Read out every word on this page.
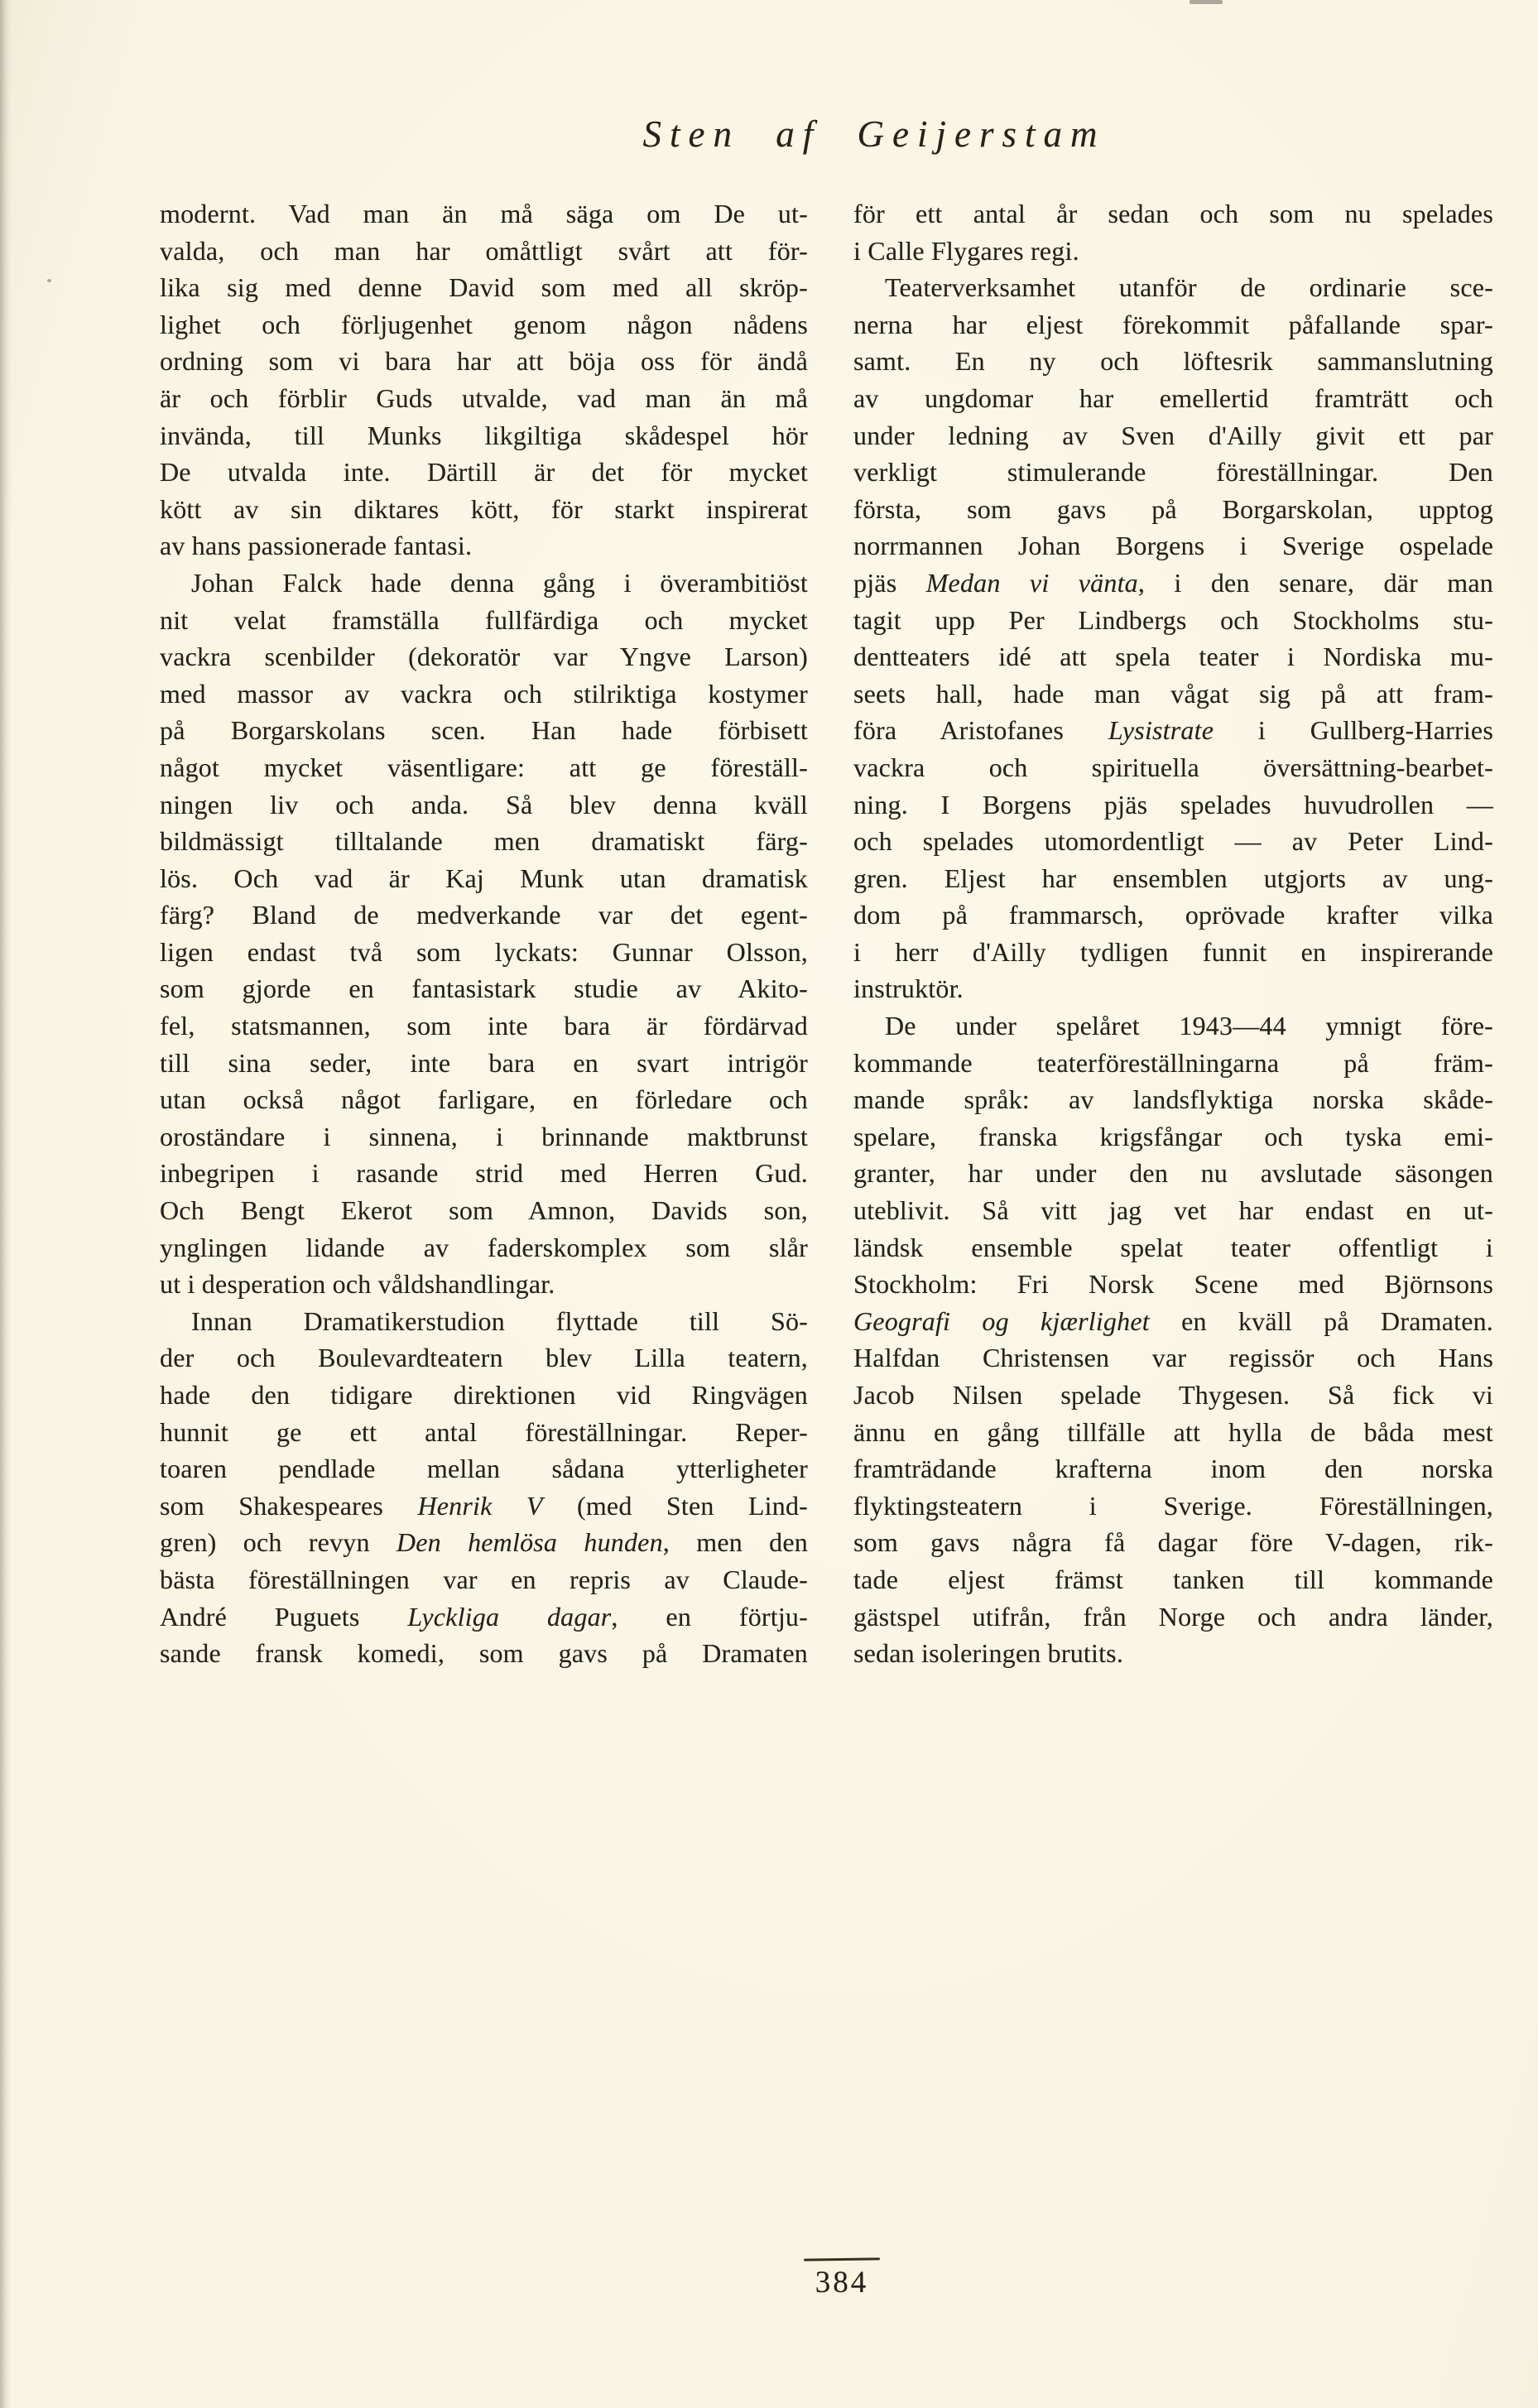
Sten af Geijerstam
modernt. Vad man än må säga om De ut-
valda, och man har omåttligt svårt att för-
lika sig med denne David som med all skröp-
lighet och förljugenhet genom någon nådens
ordning som vi bara har att böja oss för ändå
är och förblir Guds utvalde, vad man än må
invända, till Munks likgiltiga skådespel hör
De utvalda inte. Därtill är det för mycket
kött av sin diktares kött, för starkt inspirerat
av hans passionerade fantasi.
Johan Falck hade denna gång i överambitiöst
nit velat framställa fullfärdiga och mycket
vackra scenbilder (dekoratör var Yngve Larson)
med massor av vackra och stilriktiga kostymer
på Borgarskolans scen. Han hade förbisett
något mycket väsentligare: att ge föreställ-
ningen liv och anda. Så blev denna kväll
bildmässigt tilltalande men dramatiskt färg-
lös. Och vad är Kaj Munk utan dramatisk
färg? Bland de medverkande var det egent-
ligen endast två som lyckats: Gunnar Olsson,
som gjorde en fantasistark studie av Akito-
fel, statsmannen, som inte bara är fördärvad
till sina seder, inte bara en svart intrigör
utan också något farligare, en förledare och
oroständare i sinnena, i brinnande maktbrunst
inbegripen i rasande strid med Herren Gud.
Och Bengt Ekerot som Amnon, Davids son,
ynglingen lidande av faderskomplex som slår
ut i desperation och våldshandlingar.
Innan Dramatikerstudion flyttade till Sö-
der och Boulevardteatern blev Lilla teatern,
hade den tidigare direktionen vid Ringvägen
hunnit ge ett antal föreställningar. Reper-
toaren pendlade mellan sådana ytterligheter
som Shakespeares Henrik V (med Sten Lind-
gren) och revyn Den hemlösa hunden, men den
bästa föreställningen var en repris av Claude-
André Puguets Lyckliga dagar, en förtju-
sande fransk komedi, som gavs på Dramaten
för ett antal år sedan och som nu spelades
i Calle Flygares regi.
Teaterverksamhet utanför de ordinarie sce-
nerna har eljest förekommit påfallande spar-
samt. En ny och löftesrik sammanslutning
av ungdomar har emellertid framträtt och
under ledning av Sven d'Ailly givit ett par
verkligt stimulerande föreställningar. Den
första, som gavs på Borgarskolan, upptog
norrmannen Johan Borgens i Sverige ospelade
pjäs Medan vi vänta, i den senare, där man
tagit upp Per Lindbergs och Stockholms stu-
dentteaters idé att spela teater i Nordiska mu-
seets hall, hade man vågat sig på att fram-
föra Aristofanes Lysistrate i Gullberg-Harries
vackra och spirituella översättning-bearbet-
ning. I Borgens pjäs spelades huvudrollen —
och spelades utomordentligt — av Peter Lind-
gren. Eljest har ensemblen utgjorts av ung-
dom på frammarsch, oprövade krafter vilka
i herr d'Ailly tydligen funnit en inspirerande
instruktör.
De under spelåret 1943—44 ymnigt före-
kommande teaterföreställningarna på främ-
mande språk: av landsflyktiga norska skåde-
spelare, franska krigsfångar och tyska emi-
granter, har under den nu avslutade säsongen
uteblivit. Så vitt jag vet har endast en ut-
ländsk ensemble spelat teater offentligt i
Stockholm: Fri Norsk Scene med Björnsons
Geografi og kjærlighet en kväll på Dramaten.
Halfdan Christensen var regissör och Hans
Jacob Nilsen spelade Thygesen. Så fick vi
ännu en gång tillfälle att hylla de båda mest
framträdande krafterna inom den norska
flyktingsteatern i Sverige. Föreställningen,
som gavs några få dagar före V-dagen, rik-
tade eljest främst tanken till kommande
gästspel utifrån, från Norge och andra länder,
sedan isoleringen brutits.
384
